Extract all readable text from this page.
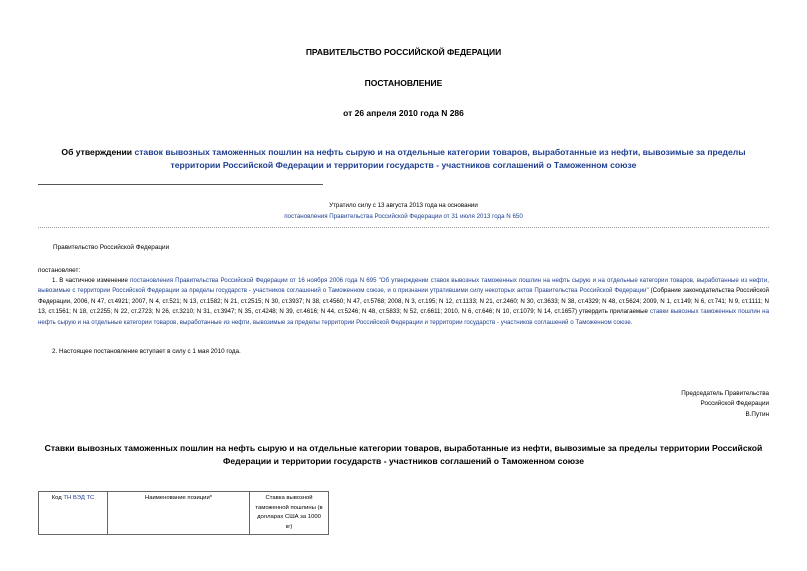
ПРАВИТЕЛЬСТВО РОССИЙСКОЙ ФЕДЕРАЦИИ
ПОСТАНОВЛЕНИЕ
от 26 апреля 2010 года N 286
Об утверждении ставок вывозных таможенных пошлин на нефть сырую и на отдельные категории товаров, выработанные из нефти, вывозимые за пределы территории Российской Федерации и территории государств - участников соглашений о Таможенном союзе
Утратило силу с 13 августа 2013 года на основании
постановления Правительства Российской Федерации от 31 июля 2013 года N 650
Правительство Российской Федерации
постановляет:
1. В частичное изменение постановления Правительства Российской Федерации от 16 ноября 2006 года N 695 "Об утверждении ставок вывозных таможенных пошлин на нефть сырую и на отдельные категории товаров, выработанные из нефти, вывозимые с территории Российской Федерации за пределы государств - участников соглашений о Таможенном союзе, и о признании утратившими силу некоторых актов Правительства Российской Федерации" (Собрание законодательства Российской Федерации, 2006, N 47, ст.4921; 2007, N 4, ст.521; N 13, ст.1582; N 21, ст.2515; N 30, ст.3937; N 38, ст.4560; N 47, ст.5768; 2008, N 3, ст.195; N 12, ст.1133; N 21, ст.2460; N 30, ст.3633; N 38, ст.4329; N 48, ст.5624; 2009, N 1, ст.149; N 6, ст.741; N 9, ст.1111; N 13, ст.1561; N 18, ст.2255; N 22, ст.2723; N 26, ст.3210; N 31, ст.3947; N 35, ст.4248; N 39, ст.4616; N 44, ст.5246; N 48, ст.5833; N 52, ст.6611; 2010, N 6, ст.646; N 10, ст.1079; N 14, ст.1657) утвердить прилагаемые ставки вывозных таможенных пошлин на нефть сырую и на отдельные категории товаров, выработанные из нефти, вывозимые за пределы территории Российской Федерации и территории государств - участников соглашений о Таможенном союзе.
2. Настоящее постановление вступает в силу с 1 мая 2010 года.
Председатель Правительства
Российской Федерации
В.Путин
Ставки вывозных таможенных пошлин на нефть сырую и на отдельные категории товаров, выработанные из нефти, вывозимые за пределы территории Российской Федерации и территории государств - участников соглашений о Таможенном союзе
Код ТН ВЭД ТС	Наименование позиции*	Ставка вывозной таможенной пошлины (в долларах США за 1000 кг)
